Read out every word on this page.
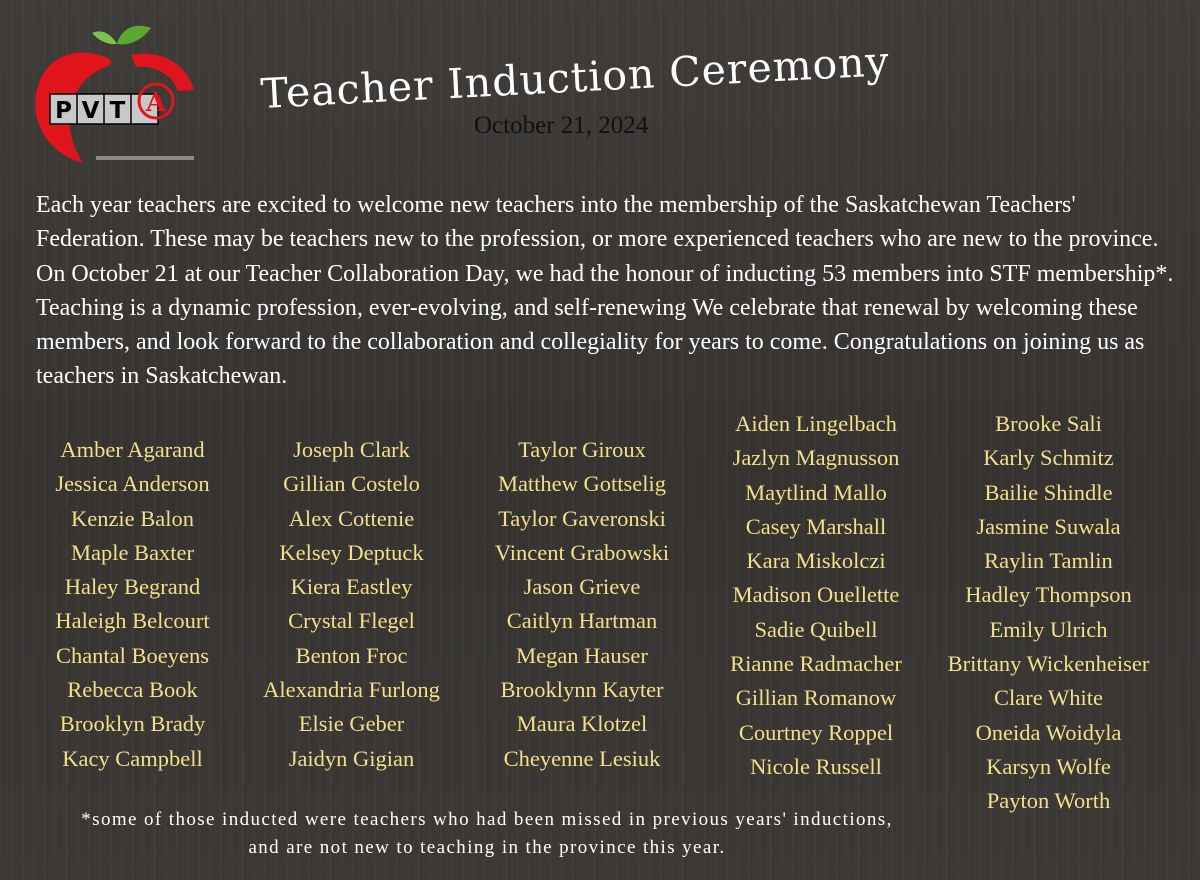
P V T A Teacher Induction Ceremony

October 21, 2024

Each year teachers are excited to welcome new teachers into the membership of the Saskatchewan Teachers' Federation. These may be teachers new to the profession, or more experienced teachers who are new to the province. On October 21 at our Teacher Collaboration Day, we had the honour of inducting 53 members into STF membership*. Teaching is a dynamic profession, ever-evolving, and self-renewing We celebrate that renewal by welcoming these members, and look forward to the collaboration and collegiality for years to come. Congratulations on joining us as teachers in Saskatchewan.

Amber Agarand
Jessica Anderson
Kenzie Balon
Maple Baxter
Haley Begrand
Haleigh Belcourt
Chantal Boeyens
Rebecca Book
Brooklyn Brady
Kacy Campbell
Joseph Clark
Gillian Costelo
Alex Cottenie
Kelsey Deptuck
Kiera Eastley
Crystal Flegel
Benton Froc
Alexandria Furlong
Elsie Geber
Jaidyn Gigian
Taylor Giroux
Matthew Gottselig
Taylor Gaveronski
Vincent Grabowski
Jason Grieve
Caitlyn Hartman
Megan Hauser
Brooklynn Kayter
Maura Klotzel
Cheyenne Lesiuk
Aiden Lingelbach
Jazlyn Magnusson
Maytlind Mallo
Casey Marshall
Kara Miskolczi
Madison Ouellette
Sadie Quibell
Rianne Radmacher
Gillian Romanow
Courtney Roppel
Nicole Russell
Brooke Sali
Karly Schmitz
Bailie Shindle
Jasmine Suwala
Raylin Tamlin
Hadley Thompson
Emily Ulrich
Brittany Wickenheiser
Clare White
Oneida Woidyla
Karsyn Wolfe
Payton Worth
*some of those inducted were teachers who had been missed in previous years' inductions,
and are not new to teaching in the province this year.
